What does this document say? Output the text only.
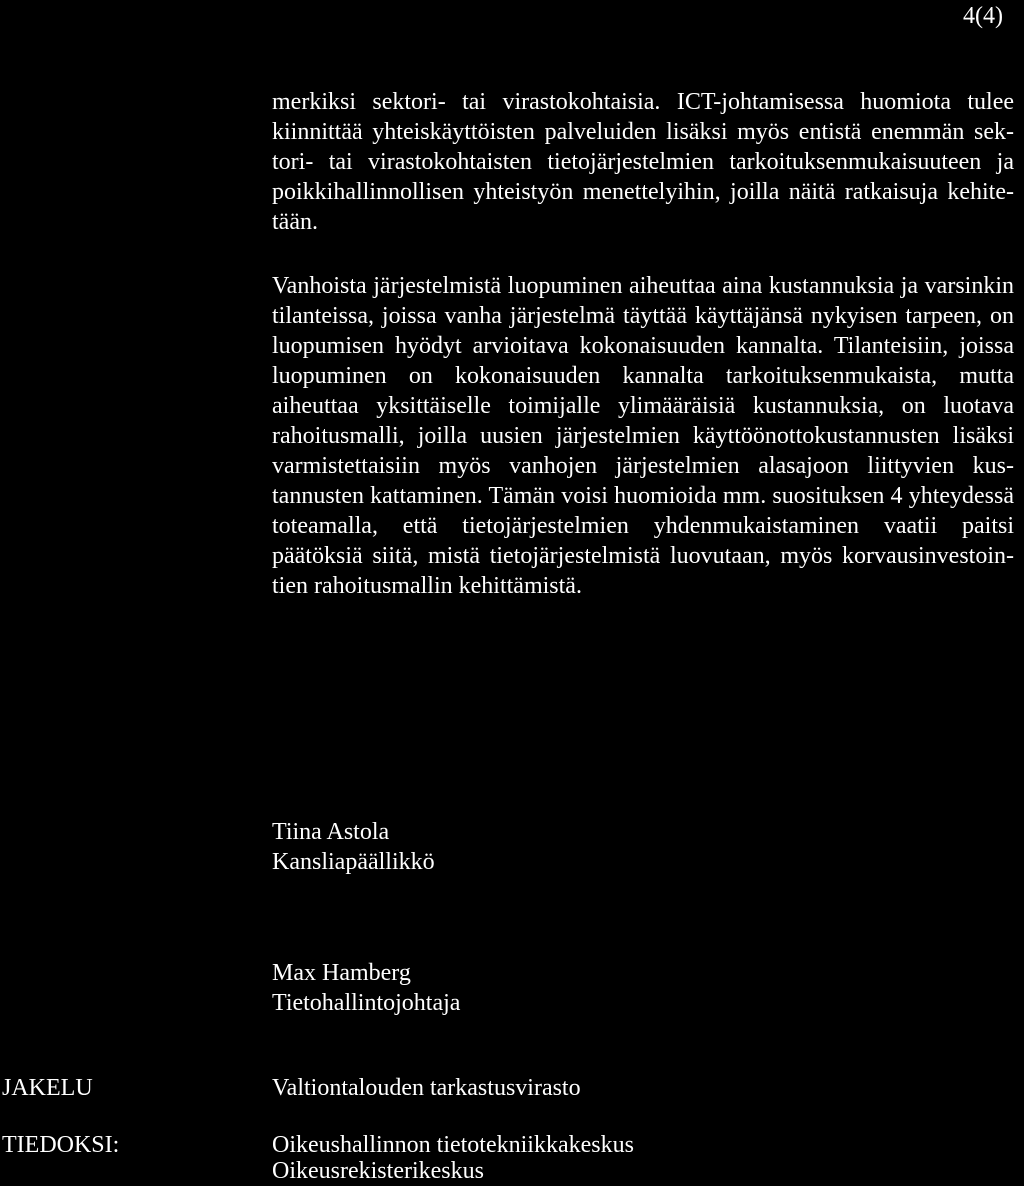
4(4)

merkiksi sektori- tai virastokohtaisia. ICT-johtamisessa huomiota tulee kiinnittää yhteiskäyttöisten palveluiden lisäksi myös entistä enemmän sektori- tai virastokohtaisten tietojärjestelmien tarkoituksenmukaisuuteen ja poikkihallinnollisen yhteistyön menettelyihin, joilla näitä ratkaisuja kehitetään.

Vanhoista järjestelmistä luopuminen aiheuttaa aina kustannuksia ja varsinkin tilanteissa, joissa vanha järjestelmä täyttää käyttäjänsä nykyisen tarpeen, on luopumisen hyödyt arvioitava kokonaisuuden kannalta. Tilanteisiin, joissa luopuminen on kokonaisuuden kannalta tarkoituksenmukaista, mutta aiheuttaa yksittäiselle toimijalle ylimääräisiä kustannuksia, on luotava rahoitusmalli, joilla uusien järjestelmien käyttöönottokustannusten lisäksi varmistettaisiin myös vanhojen järjestelmien alasajoon liittyvien kustannusten kattaminen. Tämän voisi huomioida mm. suosituksen 4 yhteydessä toteamalla, että tietojärjestelmien yhdenmukaistaminen vaatii paitsi päätöksiä siitä, mistä tietojärjestelmistä luovutaan, myös korvausinvestointien rahoitusmallin kehittämistä.

Tiina Astola
Kansliapäällikkö
Max Hamberg
Tietohallintojohtaja
JAKELU	Valtiontalouden tarkastusvirasto
TIEDOKSI:	Oikeushallinnon tietotekniikkakeskus
Oikeusrekisterikeskus
